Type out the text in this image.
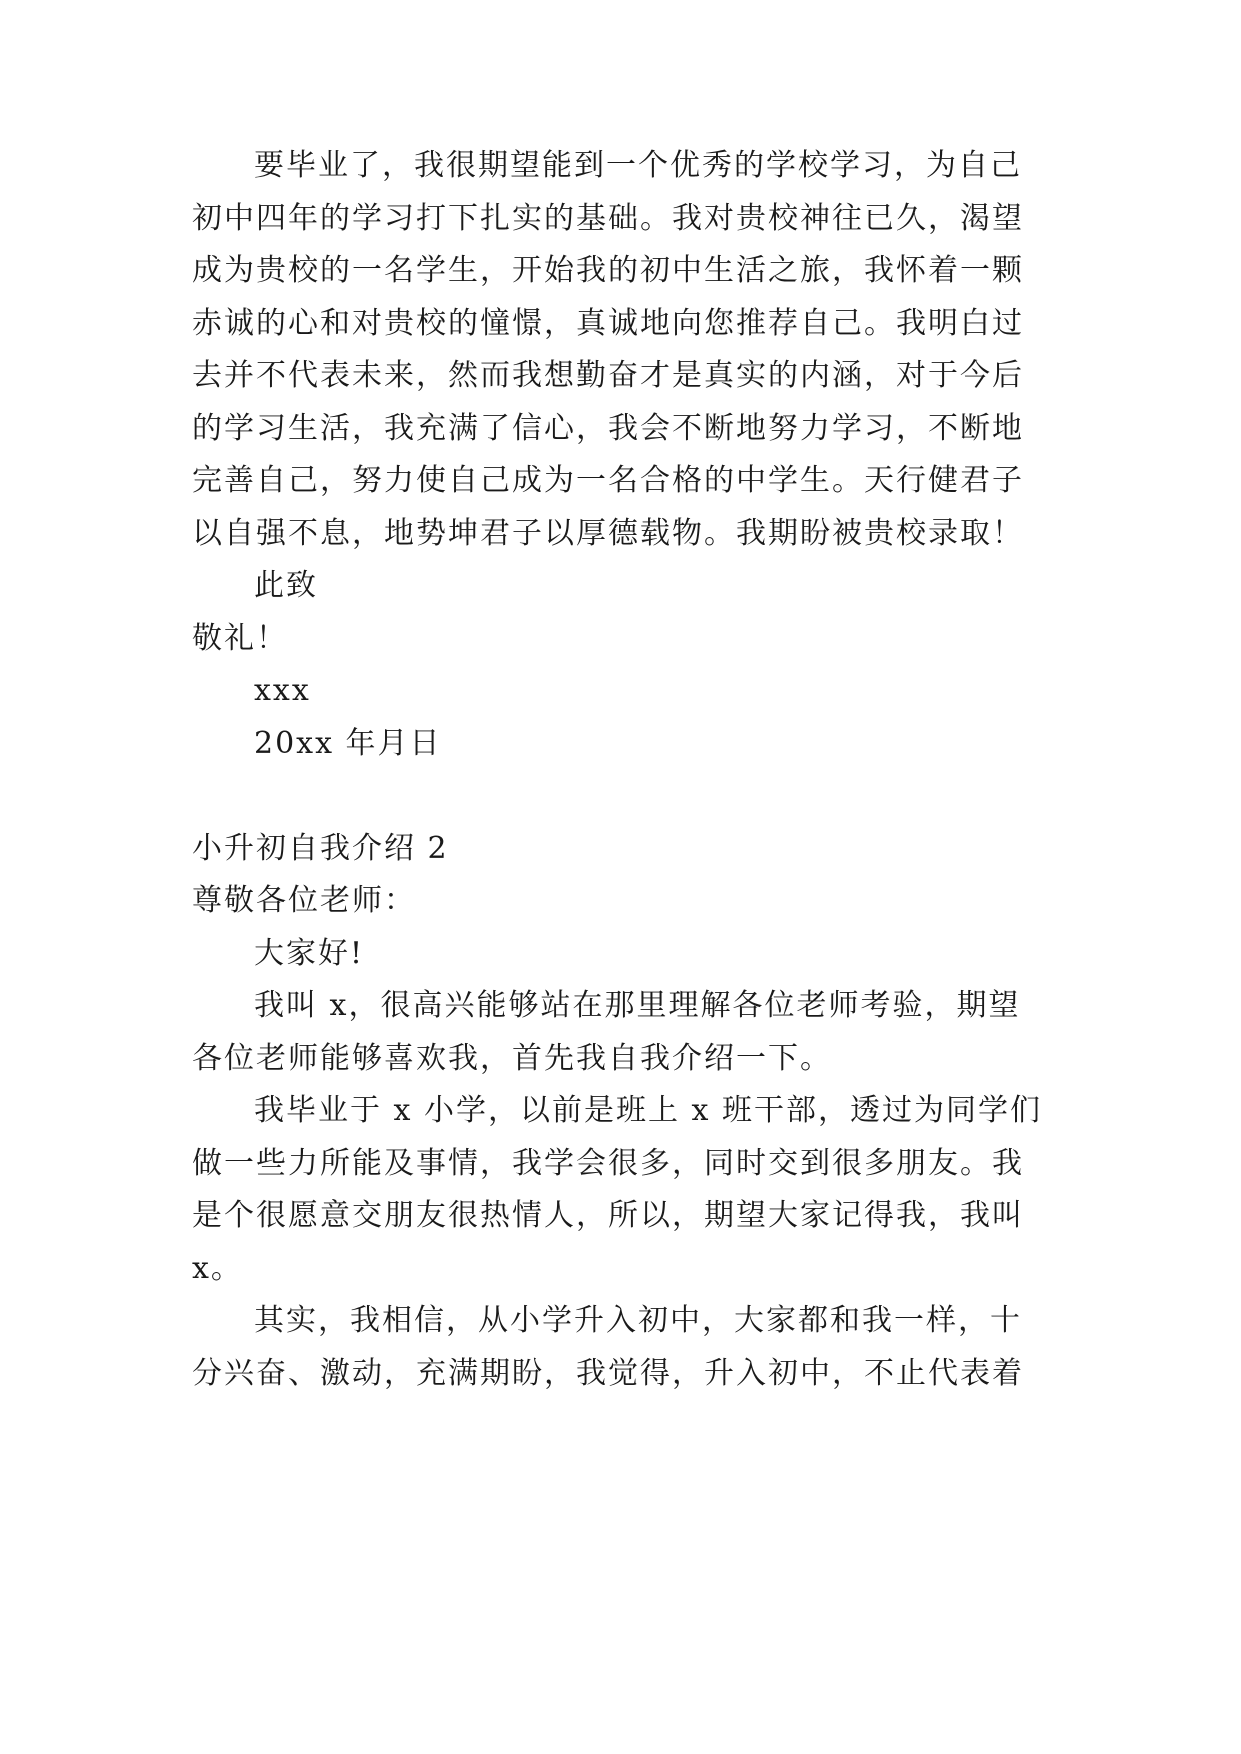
要毕业了，我很期望能到一个优秀的学校学习，为自己
初中四年的学习打下扎实的基础。我对贵校神往已久，渴望
成为贵校的一名学生，开始我的初中生活之旅，我怀着一颗
赤诚的心和对贵校的憧憬，真诚地向您推荐自己。我明白过
去并不代表未来，然而我想勤奋才是真实的内涵，对于今后
的学习生活，我充满了信心，我会不断地努力学习，不断地
完善自己，努力使自己成为一名合格的中学生。天行健君子
以自强不息，地势坤君子以厚德载物。我期盼被贵校录取！
此致
敬礼！
xxx
20xx 年月日
小升初自我介绍 2
尊敬各位老师：
大家好!
我叫 x，很高兴能够站在那里理解各位老师考验，期望
各位老师能够喜欢我，首先我自我介绍一下。
我毕业于 x 小学，以前是班上 x 班干部，透过为同学们
做一些力所能及事情，我学会很多，同时交到很多朋友。我
是个很愿意交朋友很热情人，所以，期望大家记得我，我叫
x。
其实，我相信，从小学升入初中，大家都和我一样，十
分兴奋、激动，充满期盼，我觉得，升入初中，不止代表着
